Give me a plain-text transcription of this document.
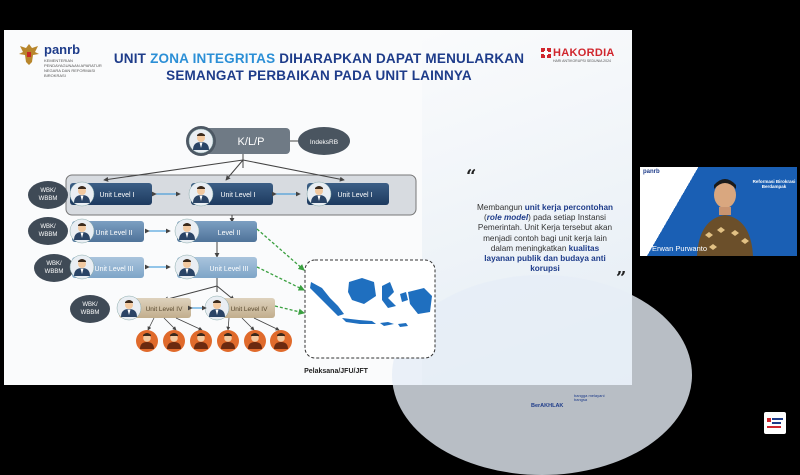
panrb
KEMENTERIAN PENDAYAGUNAAN APARATUR NEGARA DAN REFORMASI BIROKRASI
UNIT ZONA INTEGRITAS DIHARAPKAN DAPAT MENULARKAN
SEMANGAT PERBAIKAN PADA UNIT LAINNYA
HAKORDIA
HARI ANTIKORUPSI SEDUNIA 2024
K/L/P	IndeksRB
Unit Level I	Unit Level I	Unit Level I
WBK/
WBBM
WBK/
WBBM
WBK/
WBBM
WBK/
WBBM
Unit Level II	Level II
Unit Level III	Unit Level III
Unit Level IV	Unit Level IV
Pelaksana/JFU/JFT
“
Membangun unit kerja percontohan (role model) pada setiap Instansi Pemerintah. Unit Kerja tersebut akan menjadi contoh bagi unit kerja lain dalam meningkatkan kualitas layanan publik dan budaya anti korupsi	”
BerAKHLAK
bangga melayani bangsa
panrb
Reformasi Birokrasi Berdampak
Erwan Purwanto
